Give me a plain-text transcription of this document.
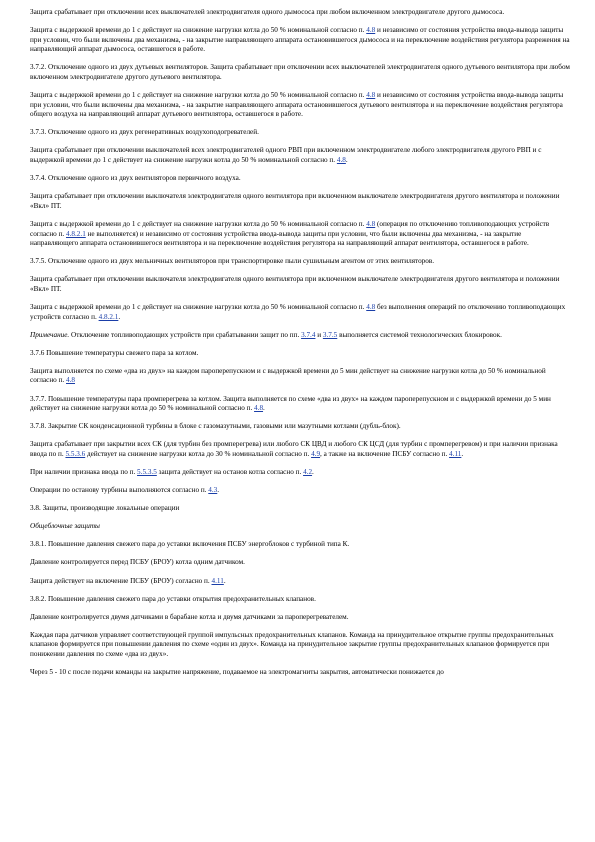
Защита срабатывает при отключении всех выключателей электродвигателя одного дымососа при любом включенном электродвигателе другого дымососа.

Защита с выдержкой времени до 1 с действует на снижение нагрузки котла до 50 % номинальной согласно п. 4.8 и независимо от состояния устройства ввода-вывода защиты при условии, что были включены два механизма, - на закрытие направляющего аппарата остановившегося дымососа и на переключение воздействия регулятора разрежения на направляющий аппарат дымососа, оставшегося в работе.

3.7.2. Отключение одного из двух дутьевых вентиляторов. Защита срабатывает при отключении всех выключателей электродвигателя одного дутьевого вентилятора при любом включенном электродвигателе другого дутьевого вентилятора.

Защита с выдержкой времени до 1 с действует на снижение нагрузки котла до 50 % номинальной согласно п. 4.8 и независимо от состояния устройства ввода-вывода защиты при условии, что были включены два механизма, - на закрытие направляющего аппарата остановившегося дутьевого вентилятора и на переключение воздействия регулятора общего воздуха на направляющий аппарат дутьевого вентилятора, оставшегося в работе.

3.7.3. Отключение одного из двух регенеративных воздухоподогревателей.

Защита срабатывает при отключении выключателей всех электродвигателей одного РВП при включенном электродвигателе любого электродвигателя другого РВП и с выдержкой времени до 1 с действует на снижение нагрузки котла до 50 % номинальной согласно п. 4.8.

3.7.4. Отключение одного из двух вентиляторов первичного воздуха.

Защита срабатывает при отключении выключателя электродвигателя одного вентилятора при включенном выключателе электродвигателя другого вентилятора и положении «Вкл» ПТ.

Защита с выдержкой времени до 1 с действует на снижение нагрузки котла до 50 % номинальной согласно п. 4.8 (операция по отключению топливоподающих устройств согласно п. 4.8.2.1 не выполняется) и независимо от состояния устройства ввода-вывода защиты при условии, что были включены два механизма, - на закрытие направляющего аппарата остановившегося вентилятора и на переключение воздействия регулятора на направляющий аппарат вентилятора, оставшегося в работе.

3.7.5. Отключение одного из двух мельничных вентиляторов при транспортировке пыли сушильным агентом от этих вентиляторов.

Защита срабатывает при отключении выключателя электродвигателя одного вентилятора при включенном выключателе электродвигателя другого вентилятора и положении «Вкл» ПТ.

Защита с выдержкой времени до 1 с действует на снижение нагрузки котла до 50 % номинальной согласно п. 4.8 без выполнения операций по отключению топливоподающих устройств согласно п. 4.8.2.1.

Примечание. Отключение топливоподающих устройств при срабатывании защит по пп. 3.7.4 и 3.7.5 выполняется системой технологических блокировок.

3.7.6 Повышение температуры свежего пара за котлом.

Защита выполняется по схеме «два из двух» на каждом пароперепускном и с выдержкой времени до 5 мин действует на снижение нагрузки котла до 50 % номинальной согласно п. 4.8

3.7.7. Повышение температуры пара промперегрева за котлом. Защита выполняется по схеме «два из двух» на каждом пароперепускном и с выдержкой времени до 5 мин действует на снижение нагрузки котла до 50 % номинальной согласно п. 4.8.

3.7.8. Закрытие СК конденсационной турбины в блоке с газомазутными, газовыми или мазутными котлами (дубль-блок).

Защита срабатывает при закрытии всех СК (для турбин без промперегрева) или любого СК ЦВД и любого СК ЦСД (для турбин с промперегревом) и при наличии признака ввода по п. 5.5.3.6 действует на снижение нагрузки котла до 30 % номинальной согласно п. 4.9, а также на включение ПСБУ согласно п. 4.11.

При наличии признака ввода по п. 5.5.3.5 защита действует на останов котла согласно п. 4.2.

Операции по останову турбины выполняются согласно п. 4.3.

3.8. Защиты, производящие локальные операции

Общеблочные защиты

3.8.1. Повышение давления свежего пара до уставки включения ПСБУ энергоблоков с турбиной типа К.

Давление контролируется перед ПСБУ (БРОУ) котла одним датчиком.

Защита действует на включение ПСБУ (БРОУ) согласно п. 4.11.

3.8.2. Повышение давления свежего пара до уставки открытия предохранительных клапанов.

Давление контролируется двумя датчиками в барабане котла и двумя датчиками за пароперегревателем.

Каждая пара датчиков управляет соответствующей группой импульсных предохранительных клапанов. Команда на принудительное открытие группы предохранительных клапанов формируется при повышении давления по схеме «один из двух». Команда на принудительное закрытие группы предохранительных клапанов формируется при понижении давления по схеме «два из двух».

Через 5 - 10 с после подачи команды на закрытие напряжение, подаваемое на электромагниты закрытия, автоматически понижается до
